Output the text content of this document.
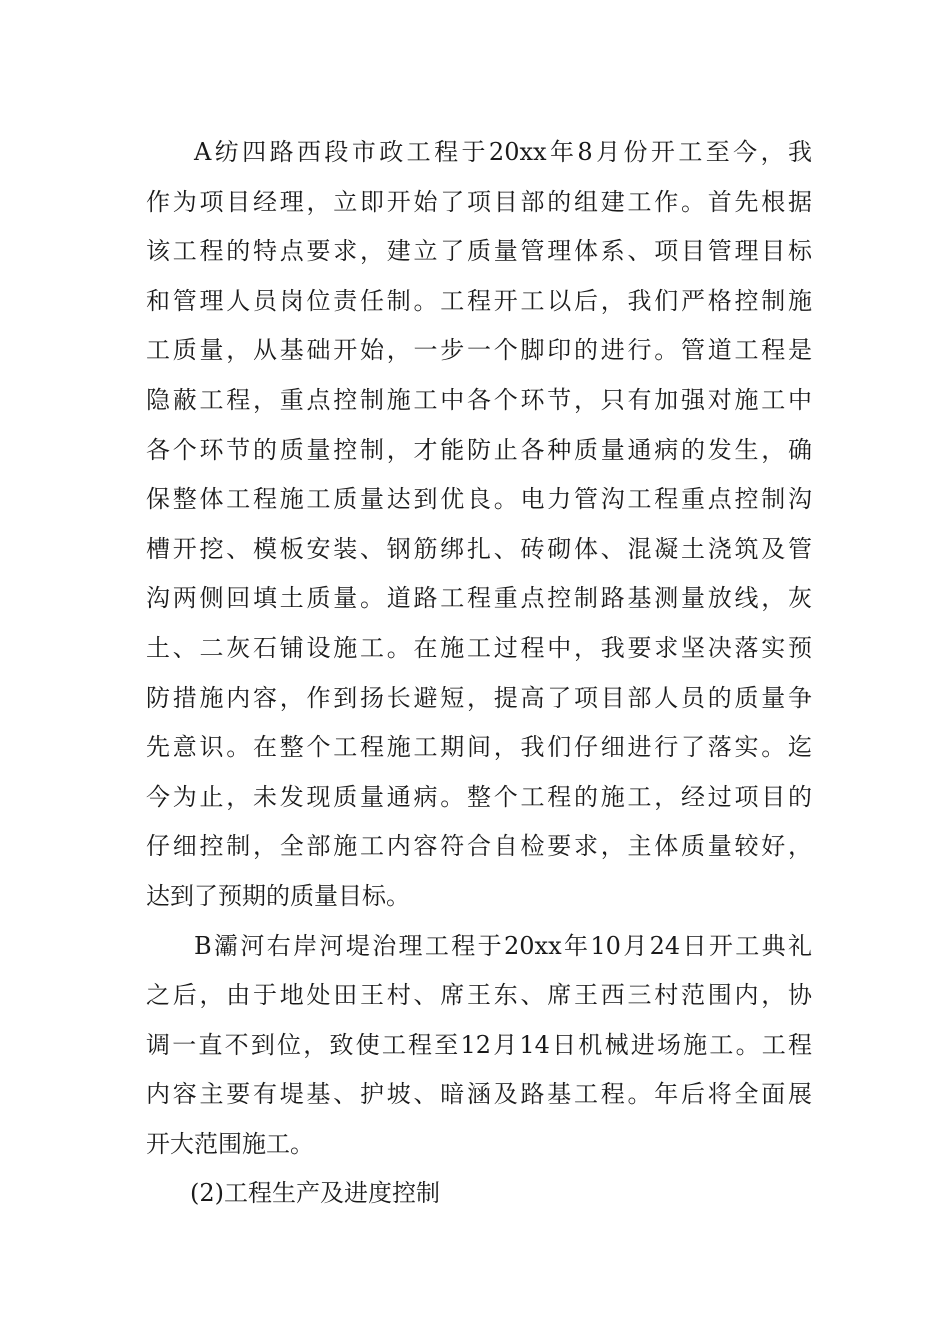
A纺四路西段市政工程于20xx年8月份开工至今，我
作为项目经理，立即开始了项目部的组建工作。首先根据
该工程的特点要求，建立了质量管理体系、项目管理目标
和管理人员岗位责任制。工程开工以后，我们严格控制施
工质量，从基础开始，一步一个脚印的进行。管道工程是
隐蔽工程，重点控制施工中各个环节，只有加强对施工中
各个环节的质量控制，才能防止各种质量通病的发生，确
保整体工程施工质量达到优良。电力管沟工程重点控制沟
槽开挖、模板安装、钢筋绑扎、砖砌体、混凝土浇筑及管
沟两侧回填土质量。道路工程重点控制路基测量放线，灰
土、二灰石铺设施工。在施工过程中，我要求坚决落实预
防措施内容，作到扬长避短，提高了项目部人员的质量争
先意识。在整个工程施工期间，我们仔细进行了落实。迄
今为止，未发现质量通病。整个工程的施工，经过项目的
仔细控制，全部施工内容符合自检要求，主体质量较好，
达到了预期的质量目标。
B灞河右岸河堤治理工程于20xx年10月24日开工典礼
之后，由于地处田王村、席王东、席王西三村范围内，协
调一直不到位，致使工程至12月14日机械进场施工。工程
内容主要有堤基、护坡、暗涵及路基工程。年后将全面展
开大范围施工。
(2)工程生产及进度控制
